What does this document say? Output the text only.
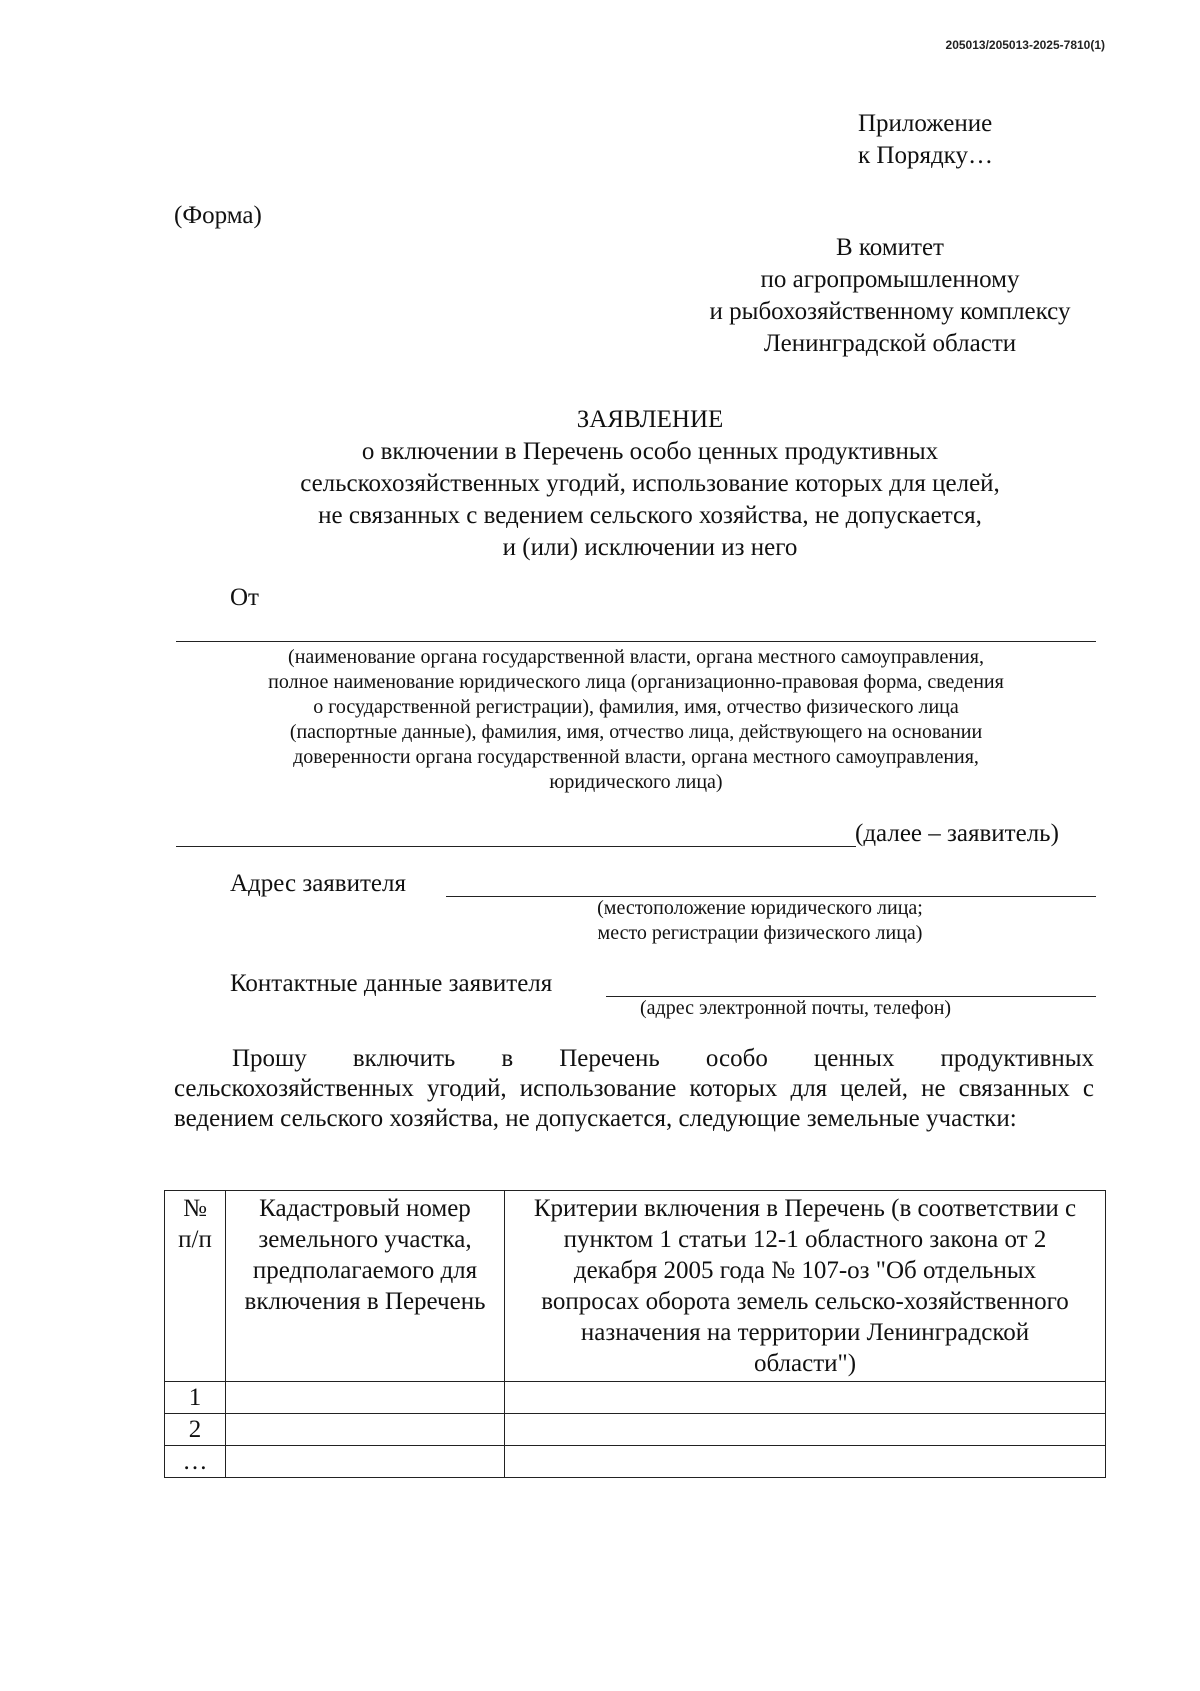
205013/205013-2025-7810(1)
Приложение
к Порядку…
(Форма)
В комитет
по агропромышленному
и рыбохозяйственному комплексу
Ленинградской области
ЗАЯВЛЕНИЕ
о включении в Перечень особо ценных продуктивных
сельскохозяйственных угодий, использование которых для целей,
не связанных с ведением сельского хозяйства, не допускается,
и (или) исключении из него
От
(наименование органа государственной власти, органа местного самоуправления,
полное наименование юридического лица (организационно-правовая форма, сведения
о государственной регистрации), фамилия, имя, отчество физического лица
(паспортные данные), фамилия, имя, отчество лица, действующего на основании
доверенности органа государственной власти, органа местного самоуправления,
юридического лица)
(далее – заявитель)
Адрес заявителя
(местоположение юридического лица;
место регистрации физического лица)
Контактные данные заявителя
(адрес электронной почты, телефон)
Прошу включить в Перечень особо ценных продуктивных сельскохозяйственных угодий, использование которых для целей, не связанных с ведением сельского хозяйства, не допускается, следующие земельные участки:
№ п/п	Кадастровый номер земельного участка, предполагаемого для включения в Перечень	Критерии включения в Перечень (в соответствии с пунктом 1 статьи 12-1 областного закона от 2 декабря 2005 года № 107-оз "Об отдельных вопросах оборота земель сельско-хозяйственного назначения на территории Ленинградской области")
1		
2		
…		
